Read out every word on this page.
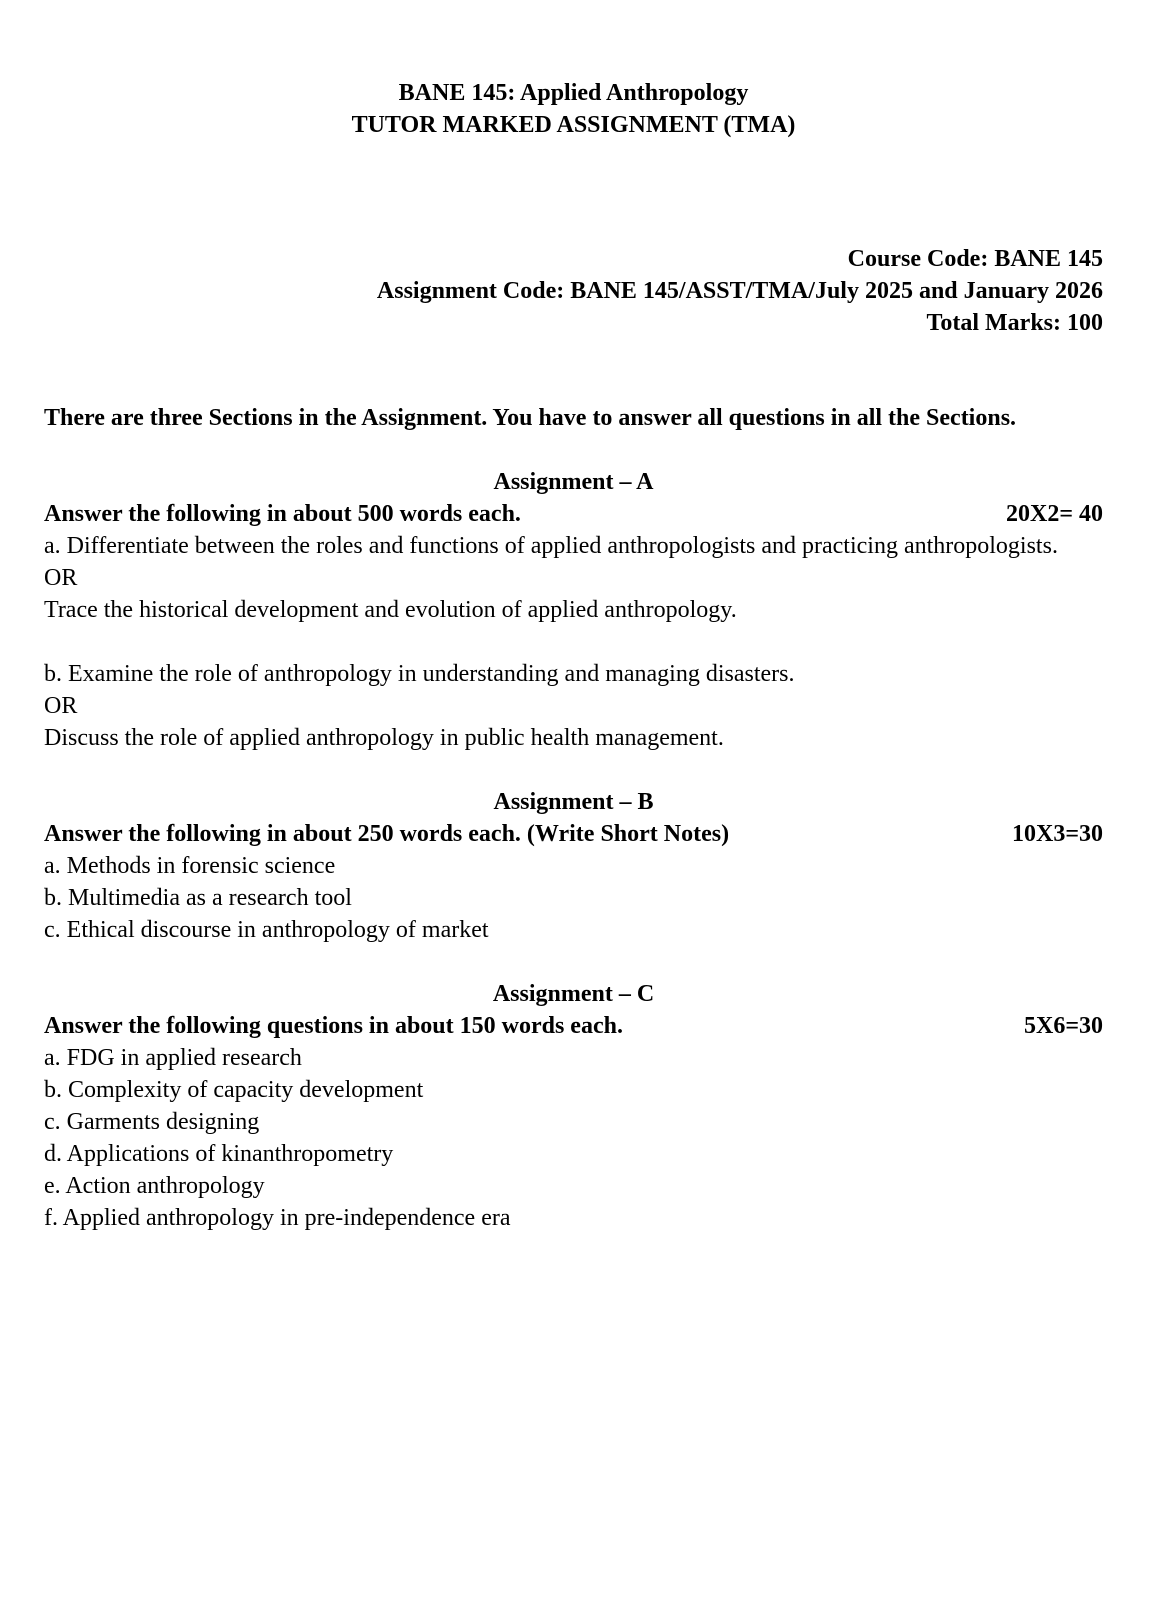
BANE 145: Applied Anthropology
TUTOR MARKED ASSIGNMENT (TMA)
Course Code: BANE 145
Assignment Code: BANE 145/ASST/TMA/July 2025 and January 2026
Total Marks: 100

There are three Sections in the Assignment. You have to answer all questions in all the Sections.

Assignment – A
Answer the following in about 500 words each.	20X2= 40

a. Differentiate between the roles and functions of applied anthropologists and practicing anthropologists.

OR

Trace the historical development and evolution of applied anthropology.

b. Examine the role of anthropology in understanding and managing disasters.

OR

Discuss the role of applied anthropology in public health management.

Assignment – B
Answer the following in about 250 words each. (Write Short Notes)	10X3=30
a. Methods in forensic science
b. Multimedia as a research tool
c. Ethical discourse in anthropology of market
Assignment – C
Answer the following questions in about 150 words each.	5X6=30
a. FDG in applied research
b. Complexity of capacity development
c. Garments designing
d. Applications of kinanthropometry
e. Action anthropology
f. Applied anthropology in pre-independence era
